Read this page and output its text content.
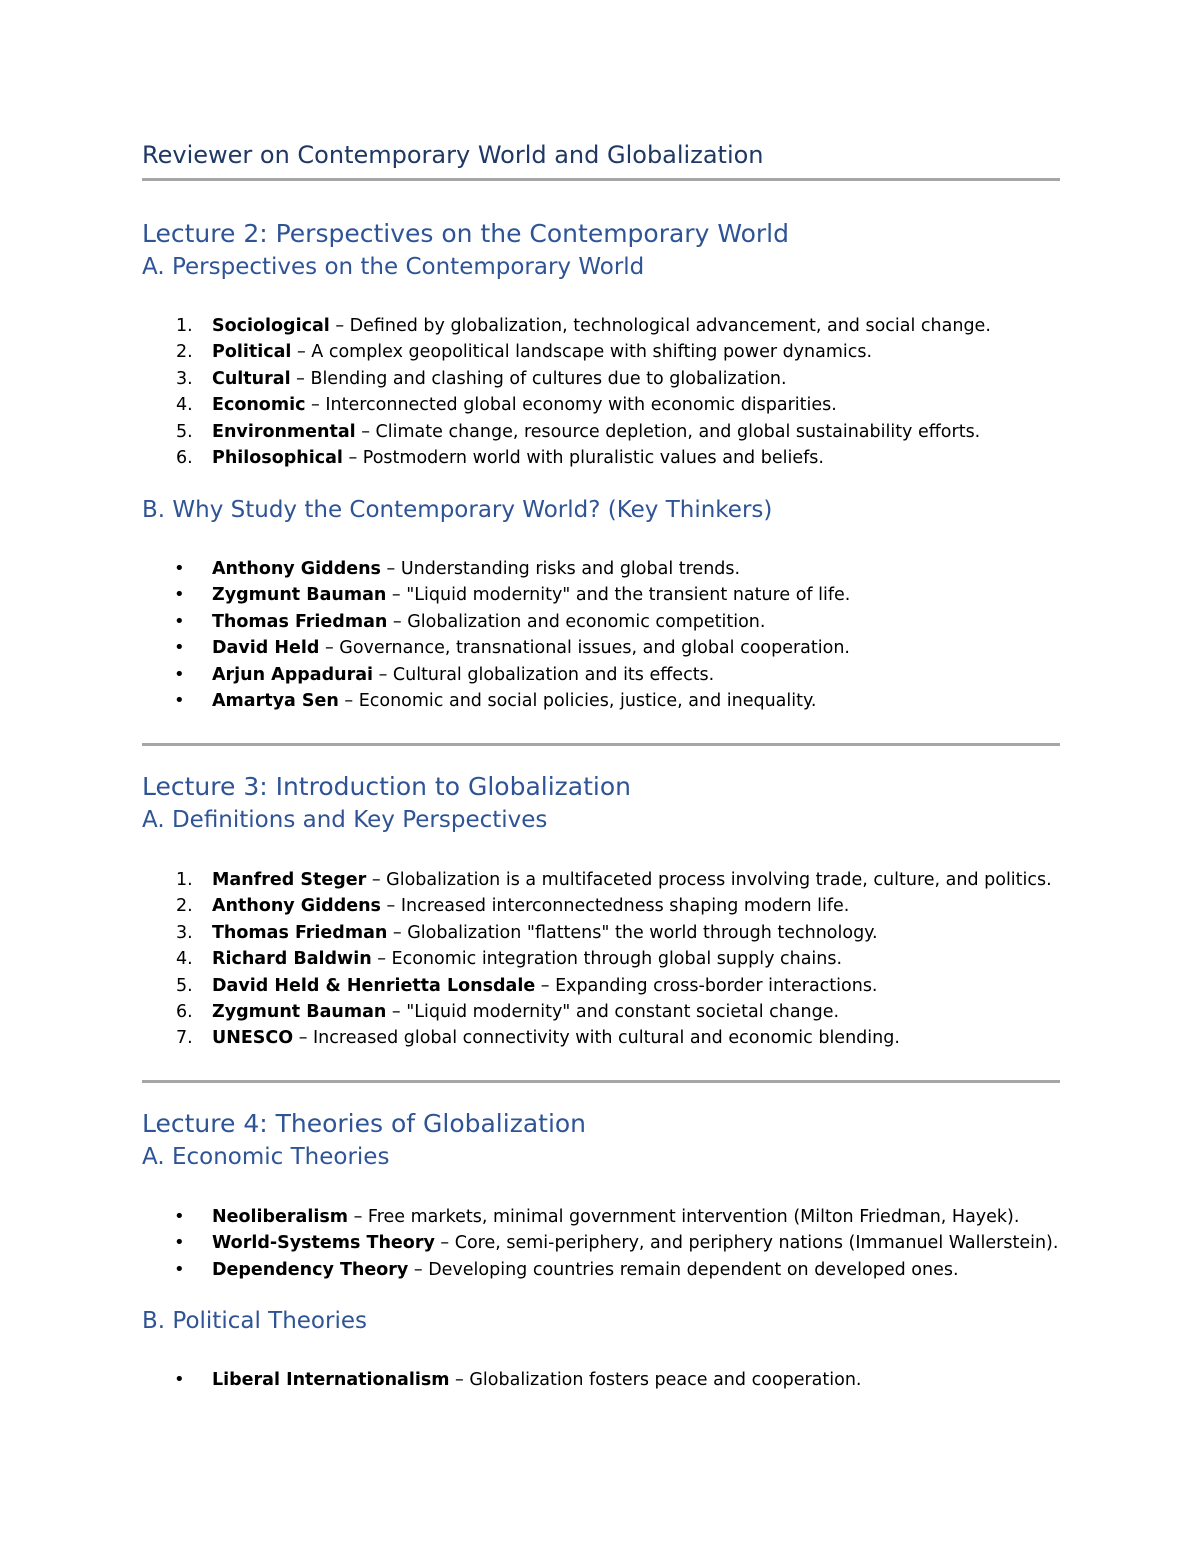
Reviewer on Contemporary World and Globalization
Lecture 2: Perspectives on the Contemporary World
A. Perspectives on the Contemporary World
1. Sociological – Defined by globalization, technological advancement, and social change.
2. Political – A complex geopolitical landscape with shifting power dynamics.
3. Cultural – Blending and clashing of cultures due to globalization.
4. Economic – Interconnected global economy with economic disparities.
5. Environmental – Climate change, resource depletion, and global sustainability efforts.
6. Philosophical – Postmodern world with pluralistic values and beliefs.
B. Why Study the Contemporary World? (Key Thinkers)
• Anthony Giddens – Understanding risks and global trends.
• Zygmunt Bauman – "Liquid modernity" and the transient nature of life.
• Thomas Friedman – Globalization and economic competition.
• David Held – Governance, transnational issues, and global cooperation.
• Arjun Appadurai – Cultural globalization and its effects.
• Amartya Sen – Economic and social policies, justice, and inequality.
Lecture 3: Introduction to Globalization
A. Definitions and Key Perspectives
1. Manfred Steger – Globalization is a multifaceted process involving trade, culture, and politics.
2. Anthony Giddens – Increased interconnectedness shaping modern life.
3. Thomas Friedman – Globalization "flattens" the world through technology.
4. Richard Baldwin – Economic integration through global supply chains.
5. David Held & Henrietta Lonsdale – Expanding cross-border interactions.
6. Zygmunt Bauman – "Liquid modernity" and constant societal change.
7. UNESCO – Increased global connectivity with cultural and economic blending.
Lecture 4: Theories of Globalization
A. Economic Theories
• Neoliberalism – Free markets, minimal government intervention (Milton Friedman, Hayek).
• World-Systems Theory – Core, semi-periphery, and periphery nations (Immanuel Wallerstein).
• Dependency Theory – Developing countries remain dependent on developed ones.
B. Political Theories
• Liberal Internationalism – Globalization fosters peace and cooperation.
